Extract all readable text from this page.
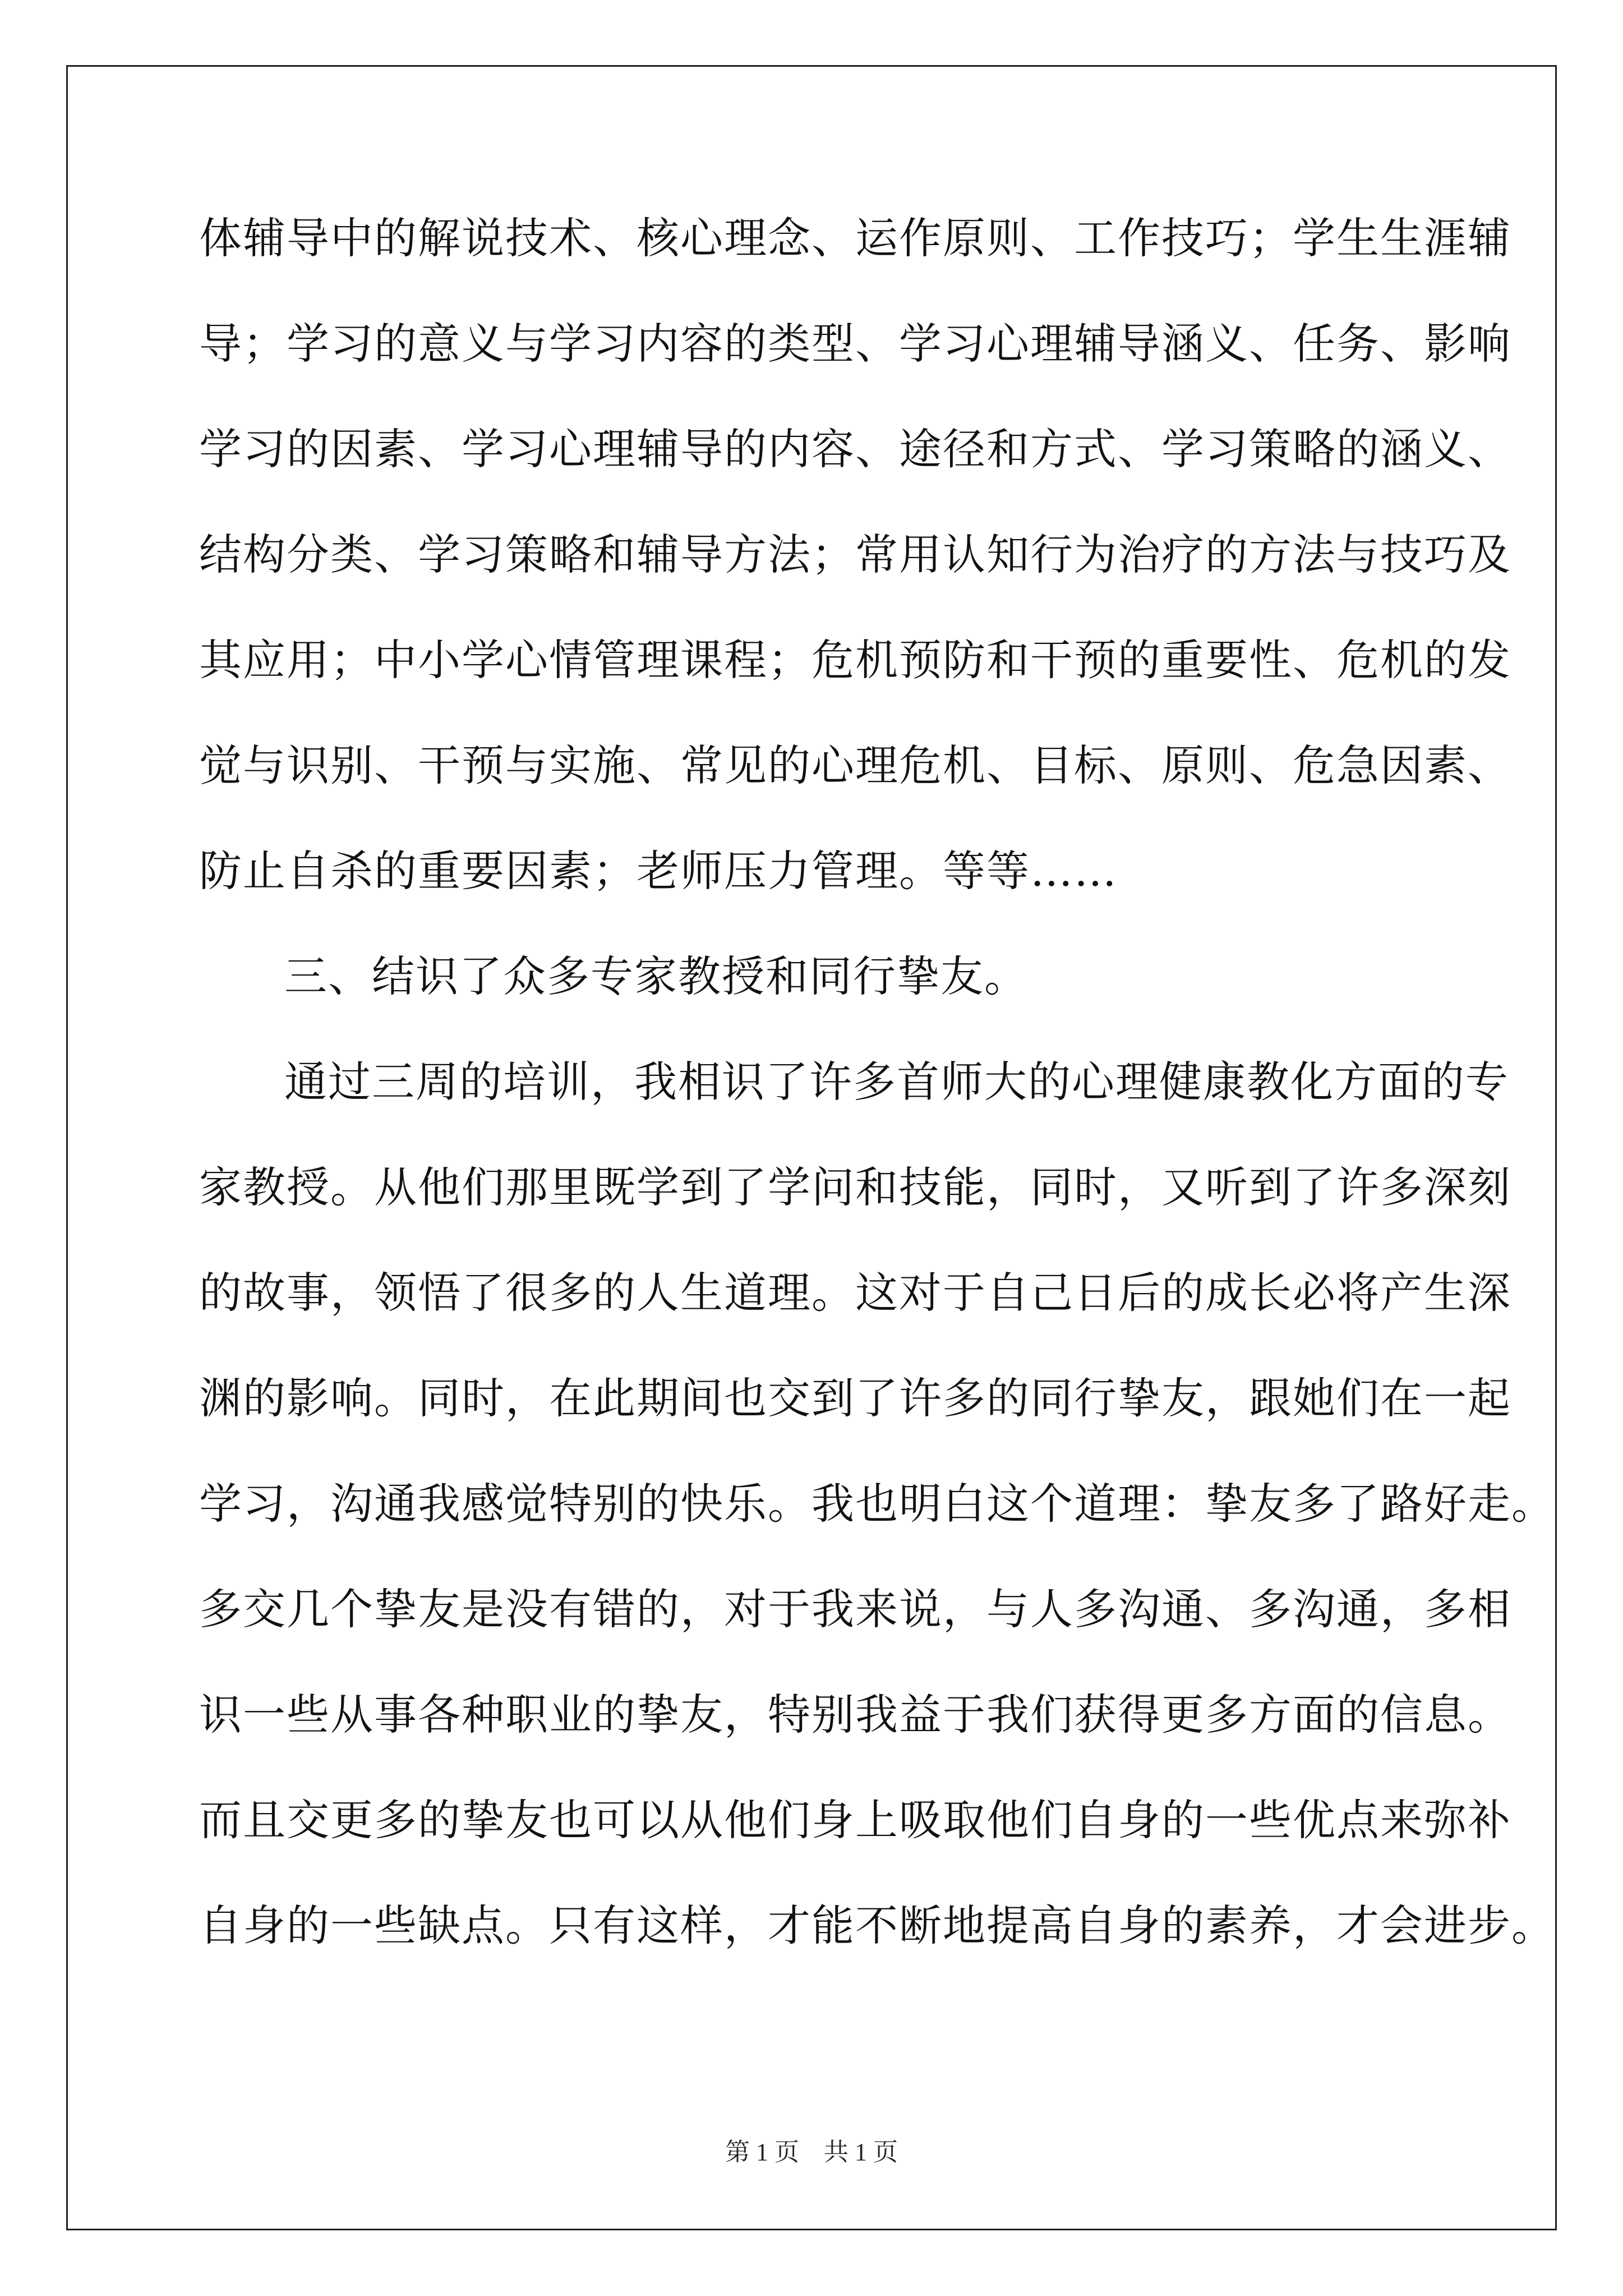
体辅导中的解说技术、核心理念、运作原则、工作技巧；学生生涯辅
导；学习的意义与学习内容的类型、学习心理辅导涵义、任务、影响
学习的因素、学习心理辅导的内容、途径和方式、学习策略的涵义、
结构分类、学习策略和辅导方法；常用认知行为治疗的方法与技巧及
其应用；中小学心情管理课程；危机预防和干预的重要性、危机的发
觉与识别、干预与实施、常见的心理危机、目标、原则、危急因素、
防止自杀的重要因素；老师压力管理。等等……
三、结识了众多专家教授和同行挚友。
通过三周的培训，我相识了许多首师大的心理健康教化方面的专
家教授。从他们那里既学到了学问和技能，同时，又听到了许多深刻
的故事，领悟了很多的人生道理。这对于自己日后的成长必将产生深
渊的影响。同时，在此期间也交到了许多的同行挚友，跟她们在一起
学习，沟通我感觉特别的快乐。我也明白这个道理：挚友多了路好走。
多交几个挚友是没有错的，对于我来说，与人多沟通、多沟通，多相
识一些从事各种职业的挚友，特别我益于我们获得更多方面的信息。
而且交更多的挚友也可以从他们身上吸取他们自身的一些优点来弥补
自身的一些缺点。只有这样，才能不断地提高自身的素养，才会进步。
第 1 页　共 1 页
